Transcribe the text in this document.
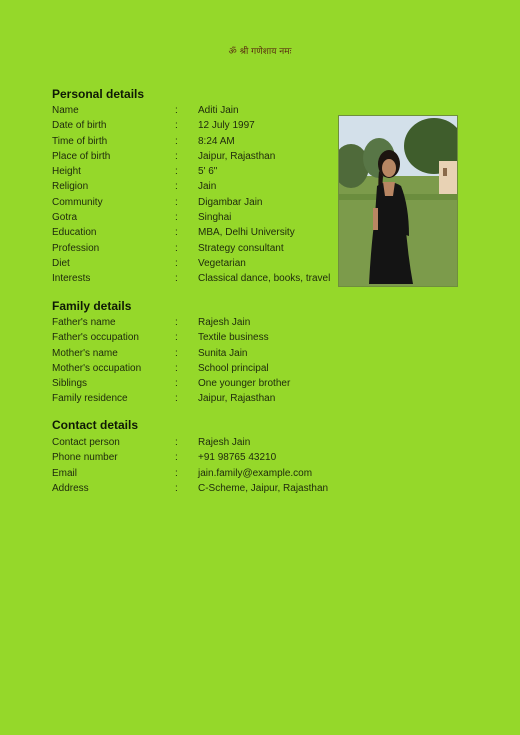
ॐ श्री गणेशाय नमः
Personal details
Name	: Aditi Jain
Date of birth	: 12 July 1997
Time of birth	: 8:24 AM
Place of birth	: Jaipur, Rajasthan
Height	: 5' 6"
Religion	: Jain
Community	: Digambar Jain
Gotra	: Singhai
Education	: MBA, Delhi University
Profession	: Strategy consultant
Diet	: Vegetarian
Interests	: Classical dance, books, travel
Family details
Father's name	: Rajesh Jain
Father's occupation	: Textile business
Mother's name	: Sunita Jain
Mother's occupation	: School principal
Siblings	: One younger brother
Family residence	: Jaipur, Rajasthan
Contact details
Contact person	: Rajesh Jain
Phone number	: +91 98765 43210
Email	: jain.family@example.com
Address	: C-Scheme, Jaipur, Rajasthan
